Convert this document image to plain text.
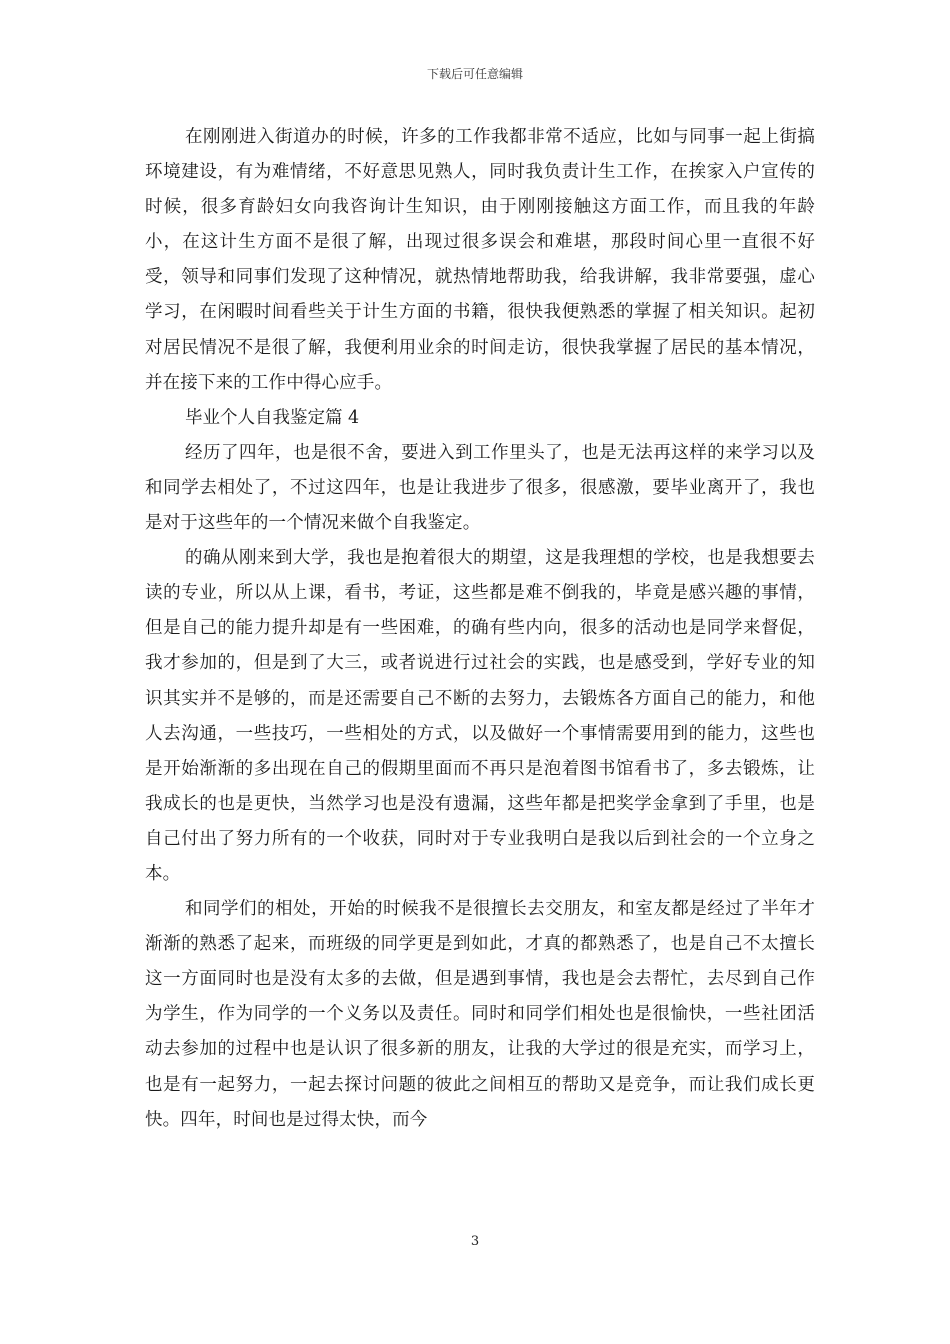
下载后可任意编辑

在刚刚进入街道办的时候，许多的工作我都非常不适应，比如与同事一起上街搞环境建设，有为难情绪，不好意思见熟人，同时我负责计生工作，在挨家入户宣传的时候，很多育龄妇女向我咨询计生知识，由于刚刚接触这方面工作，而且我的年龄小，在这计生方面不是很了解，出现过很多误会和难堪，那段时间心里一直很不好受，领导和同事们发现了这种情况，就热情地帮助我，给我讲解，我非常要强，虚心学习，在闲暇时间看些关于计生方面的书籍，很快我便熟悉的掌握了相关知识。起初对居民情况不是很了解，我便利用业余的时间走访，很快我掌握了居民的基本情况，并在接下来的工作中得心应手。

毕业个人自我鉴定篇 4

经历了四年，也是很不舍，要进入到工作里头了，也是无法再这样的来学习以及和同学去相处了，不过这四年，也是让我进步了很多，很感激，要毕业离开了，我也是对于这些年的一个情况来做个自我鉴定。

的确从刚来到大学，我也是抱着很大的期望，这是我理想的学校，也是我想要去读的专业，所以从上课，看书，考证，这些都是难不倒我的，毕竟是感兴趣的事情，但是自己的能力提升却是有一些困难，的确有些内向，很多的活动也是同学来督促，我才参加的，但是到了大三，或者说进行过社会的实践，也是感受到，学好专业的知识其实并不是够的，而是还需要自己不断的去努力，去锻炼各方面自己的能力，和他人去沟通，一些技巧，一些相处的方式，以及做好一个事情需要用到的能力，这些也是开始渐渐的多出现在自己的假期里面而不再只是泡着图书馆看书了，多去锻炼，让我成长的也是更快，当然学习也是没有遗漏，这些年都是把奖学金拿到了手里，也是自己付出了努力所有的一个收获，同时对于专业我明白是我以后到社会的一个立身之本。

和同学们的相处，开始的时候我不是很擅长去交朋友，和室友都是经过了半年才渐渐的熟悉了起来，而班级的同学更是到如此，才真的都熟悉了，也是自己不太擅长这一方面同时也是没有太多的去做，但是遇到事情，我也是会去帮忙，去尽到自己作为学生，作为同学的一个义务以及责任。同时和同学们相处也是很愉快，一些社团活动去参加的过程中也是认识了很多新的朋友，让我的大学过的很是充实，而学习上，也是有一起努力，一起去探讨问题的彼此之间相互的帮助又是竞争，而让我们成长更快。四年，时间也是过得太快，而今

3
